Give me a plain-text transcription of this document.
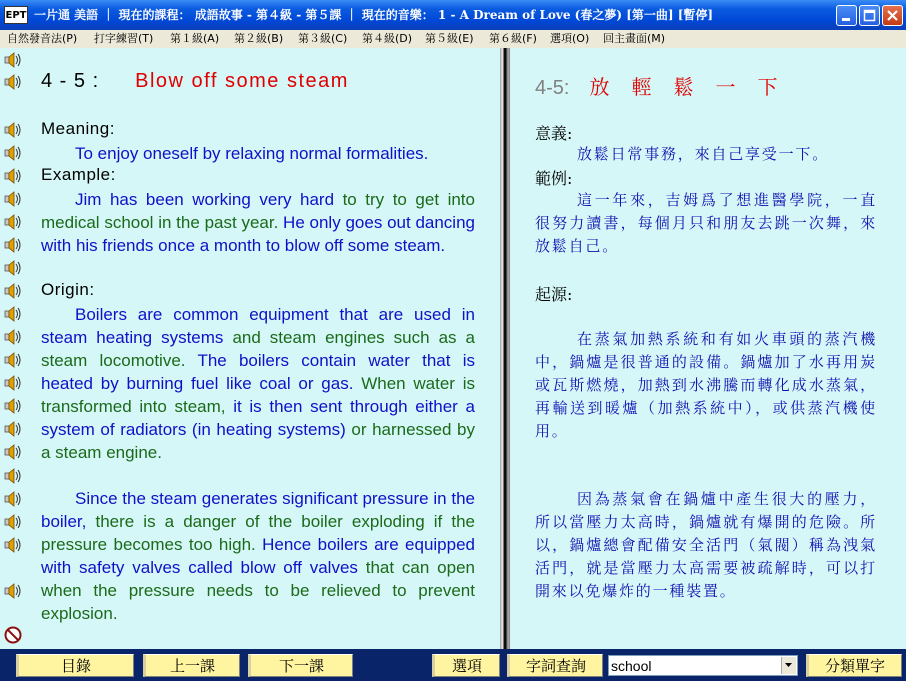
EPT 一片通 美語 ｜ 現在的課程： 成語故事 - 第４級 - 第５課 ｜ 現在的音樂： 1 - A Dream of Love (春之夢) [第一曲] [暫停]
自然發音法(P) 打字練習(T) 第１級(A) 第２級(B) 第３級(C) 第４級(D) 第５級(E) 第６級(F) 選項(O) 回主畫面(M)
4 - 5 : Blow off some steam
Meaning:
To enjoy oneself by relaxing normal formalities.
Example:
Jim has been working very hard to try to get into medical school in the past year. He only goes out dancing with his friends once a month to blow off some steam.
Origin:
Boilers are common equipment that are used in steam heating systems and steam engines such as a steam locomotive. The boilers contain water that is heated by burning fuel like coal or gas. When water is transformed into steam, it is then sent through either a system of radiators (in heating systems) or harnessed by a steam engine.
Since the steam generates significant pressure in the boiler, there is a danger of the boiler exploding if the pressure becomes too high. Hence boilers are equipped with safety valves called blow off valves that can open when the pressure needs to be relieved to prevent explosion.
4-5: 放輕鬆一下
意義:
放鬆日常事務，來自己享受一下。
範例:
這一年來，吉姆爲了想進醫學院，一直很努力讀書，每個月只和朋友去跳一次舞，來放鬆自己。
起源:
在蒸氣加熱系統和有如火車頭的蒸汽機中，鍋爐是很普通的設備。鍋爐加了水再用炭或瓦斯燃燒，加熱到水沸騰而轉化成水蒸氣，再輸送到暖爐（加熱系統中），或供蒸汽機使用。
因為蒸氣會在鍋爐中產生很大的壓力，所以當壓力太高時，鍋爐就有爆開的危險。所以，鍋爐總會配備安全活門（氣閥）稱為洩氣活門，就是當壓力太高需要被疏解時，可以打開來以免爆炸的一種裝置。
目錄	上一課	下一課	選項	字詞查詢
school	分類單字
